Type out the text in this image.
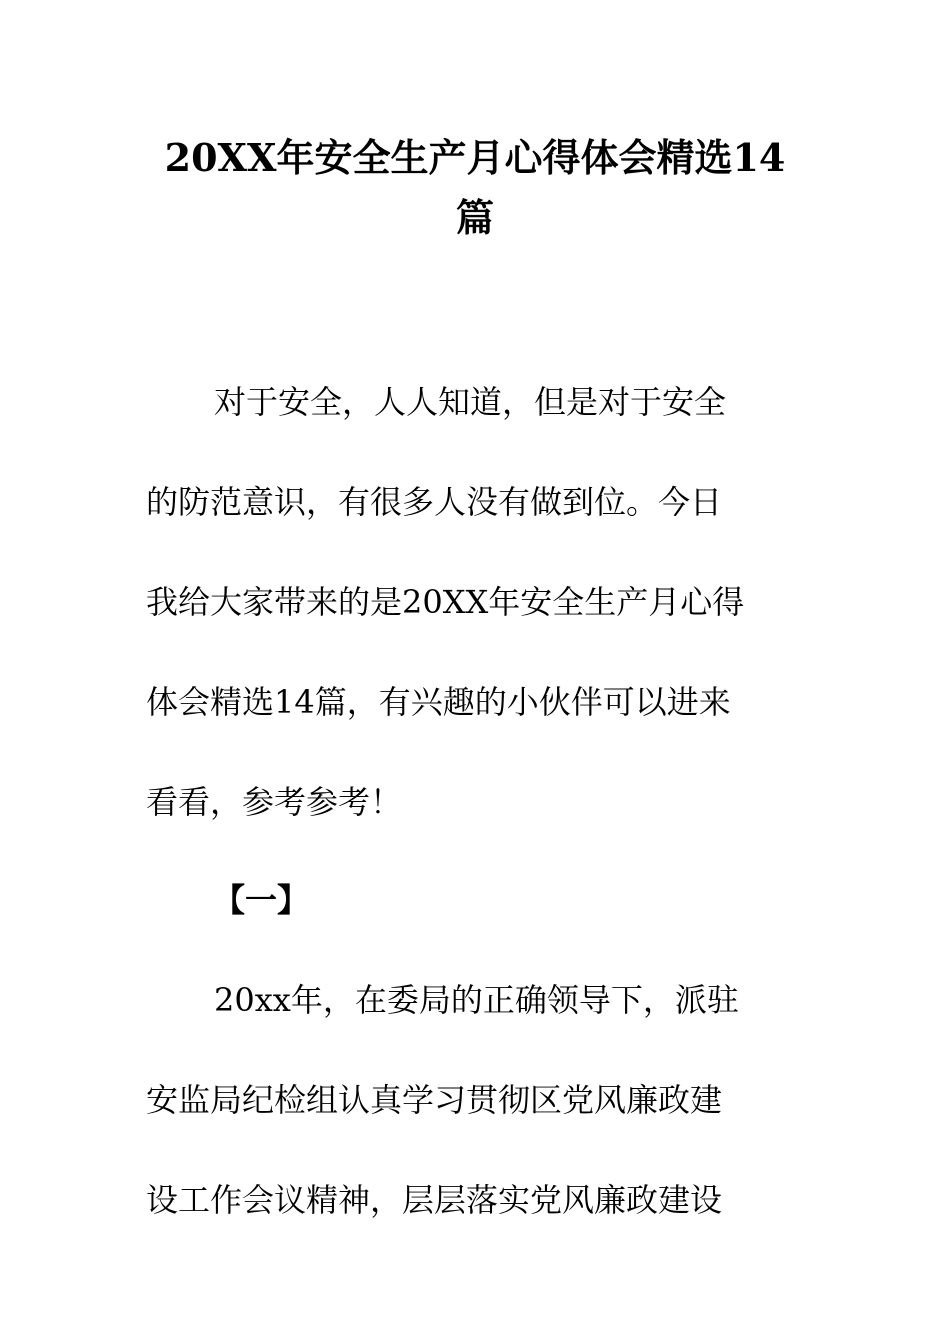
20XX年安全生产月心得体会精选14
篇

对于安全，人人知道，但是对于安全

的防范意识，有很多人没有做到位。今日

我给大家带来的是20XX年安全生产月心得

体会精选14篇，有兴趣的小伙伴可以进来

看看，参考参考！

【一】

20xx年，在委局的正确领导下，派驻

安监局纪检组认真学习贯彻区党风廉政建

设工作会议精神，层层落实党风廉政建设
